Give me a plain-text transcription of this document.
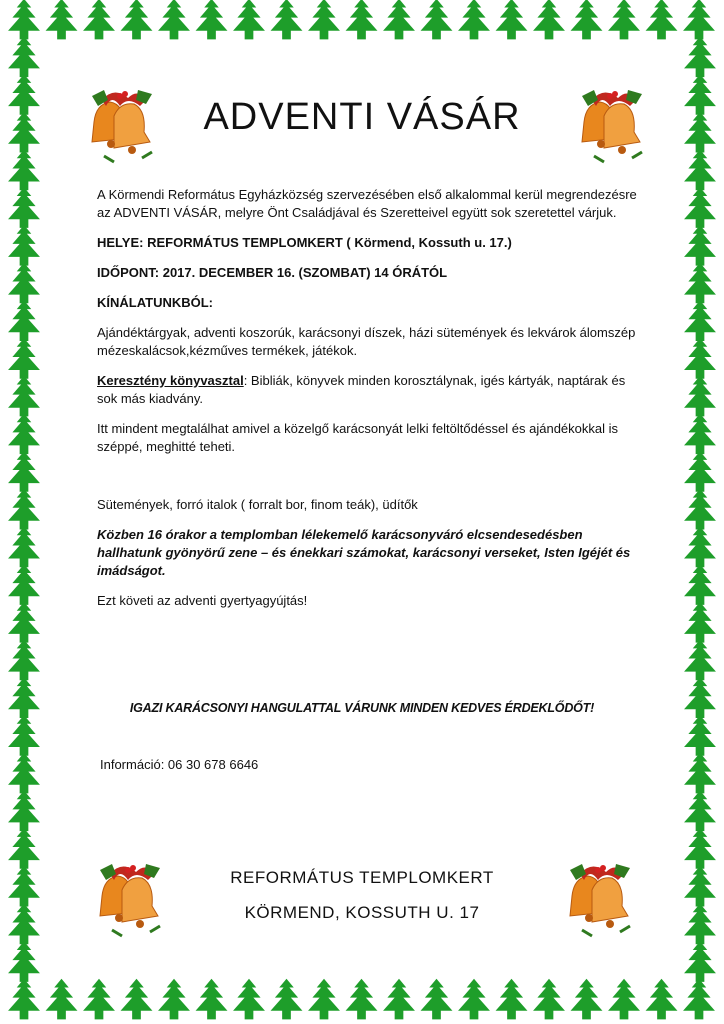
ADVENTI VÁSÁR

A Körmendi Református Egyházközség szervezésében első alkalommal kerül megrendezésre az ADVENTI VÁSÁR, melyre Önt Családjával és Szeretteivel együtt sok szeretettel várjuk.

HELYE: REFORMÁTUS TEMPLOMKERT ( Körmend, Kossuth u. 17.)

IDŐPONT: 2017. DECEMBER 16. (SZOMBAT) 14 ÓRÁTÓL

KÍNÁLATUNKBÓL:

Ajándéktárgyak, adventi koszorúk, karácsonyi díszek, házi sütemények és lekvárok álomszép mézeskalácsok,kézműves termékek, játékok.

Keresztény könyvasztal: Bibliák, könyvek minden korosztálynak, igés kártyák, naptárak és sok más kiadvány.

Itt mindent megtalálhat amivel a közelgő karácsonyát lelki feltöltődéssel és ajándékokkal is széppé, meghitté teheti.

Sütemények, forró italok ( forralt bor, finom teák), üdítők

Közben 16 órakor a templomban lélekemelő karácsonyváró elcsendesedésben hallhatunk gyönyörű zene – és énekkari számokat, karácsonyi verseket, Isten Igéjét és imádságot.

Ezt követi az adventi gyertyagyújtás!

IGAZI KARÁCSONYI HANGULATTAL VÁRUNK MINDEN KEDVES ÉRDEKLŐDŐT!
Információ: 06 30 678 6646
REFORMÁTUS TEMPLOMKERT
KÖRMEND, KOSSUTH U. 17
